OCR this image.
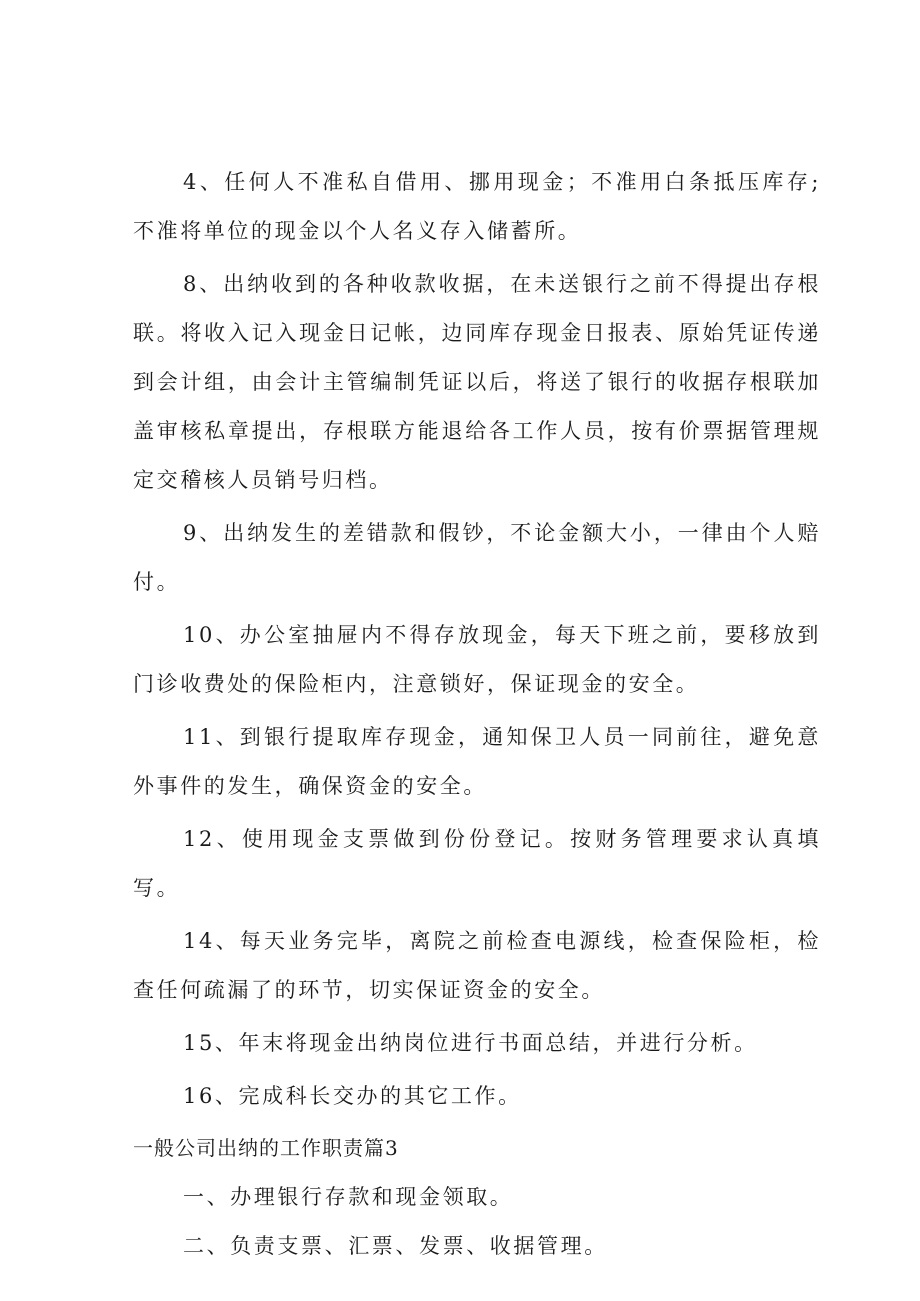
4、任何人不准私自借用、挪用现金；不准用白条抵压库存;不准将单位的现金以个人名义存入储蓄所。

8、出纳收到的各种收款收据，在未送银行之前不得提出存根联。将收入记入现金日记帐，边同库存现金日报表、原始凭证传递到会计组，由会计主管编制凭证以后，将送了银行的收据存根联加盖审核私章提出，存根联方能退给各工作人员，按有价票据管理规定交稽核人员销号归档。

9、出纳发生的差错款和假钞，不论金额大小，一律由个人赔付。

10、办公室抽屉内不得存放现金，每天下班之前，要移放到门诊收费处的保险柜内，注意锁好，保证现金的安全。

11、到银行提取库存现金，通知保卫人员一同前往，避免意外事件的发生，确保资金的安全。

12、使用现金支票做到份份登记。按财务管理要求认真填写。

14、每天业务完毕，离院之前检查电源线，检查保险柜，检查任何疏漏了的环节，切实保证资金的安全。

15、年末将现金出纳岗位进行书面总结，并进行分析。

16、完成科长交办的其它工作。

一般公司出纳的工作职责篇3

一、办理银行存款和现金领取。

二、负责支票、汇票、发票、收据管理。
